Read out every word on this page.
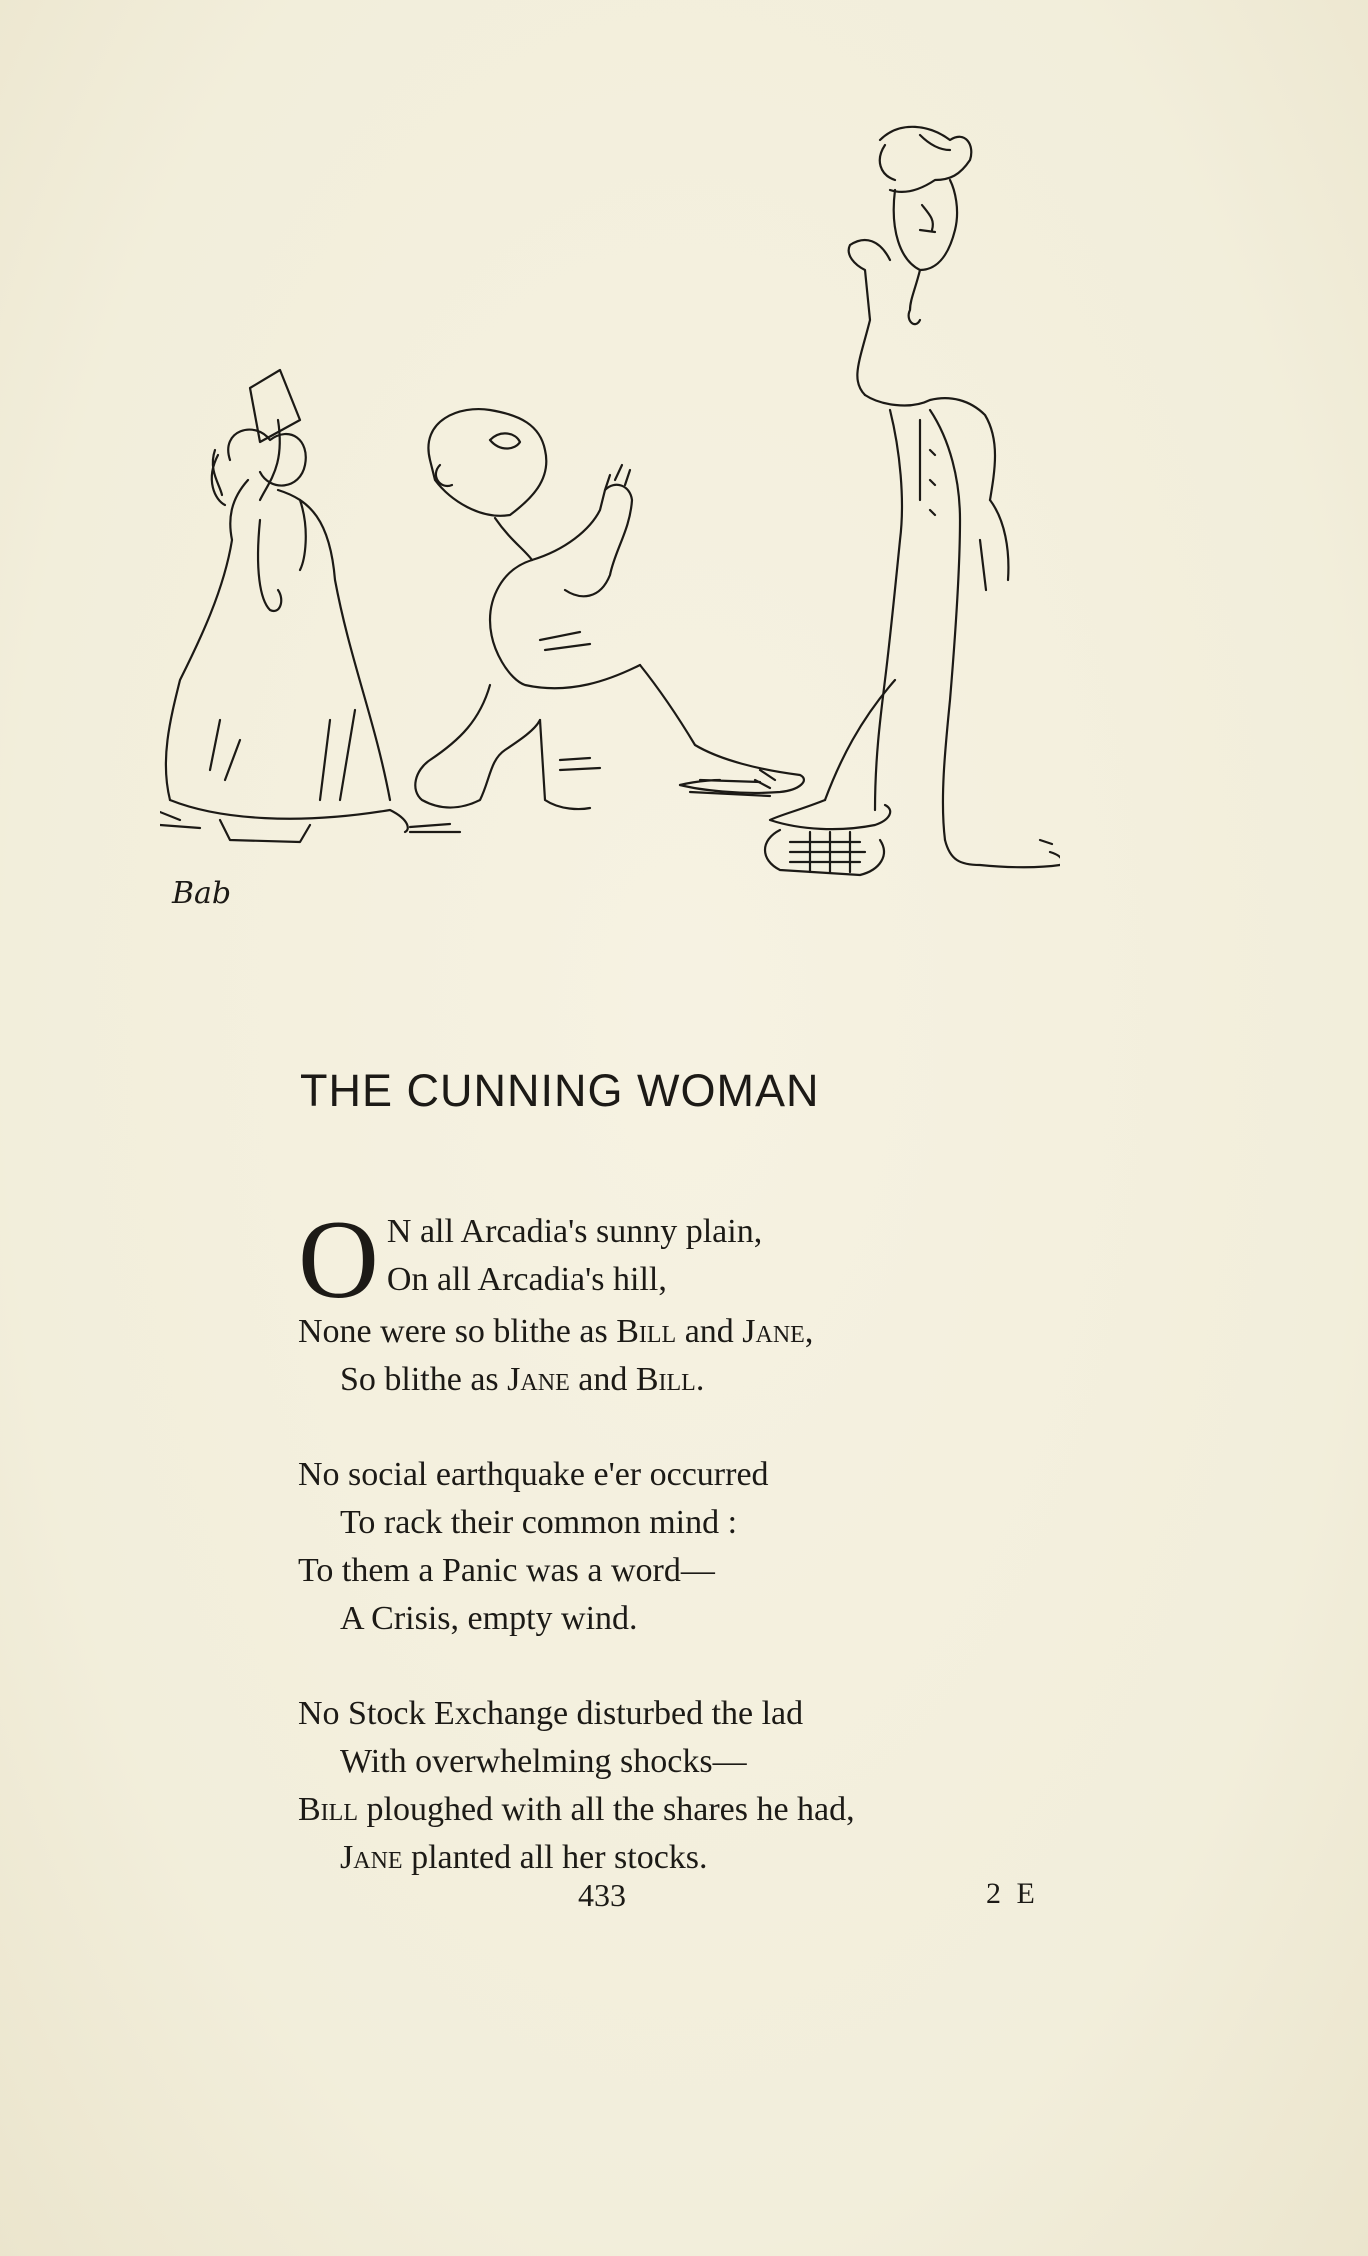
Bab
THE CUNNING WOMAN
O N all Arcadia's sunny plain,
On all Arcadia's hill,
None were so blithe as Bill and Jane,
So blithe as Jane and Bill.
No social earthquake e'er occurred
To rack their common mind :
To them a Panic was a word—
A Crisis, empty wind.
No Stock Exchange disturbed the lad
With overwhelming shocks—
Bill ploughed with all the shares he had,
Jane planted all her stocks.
433	2 E
